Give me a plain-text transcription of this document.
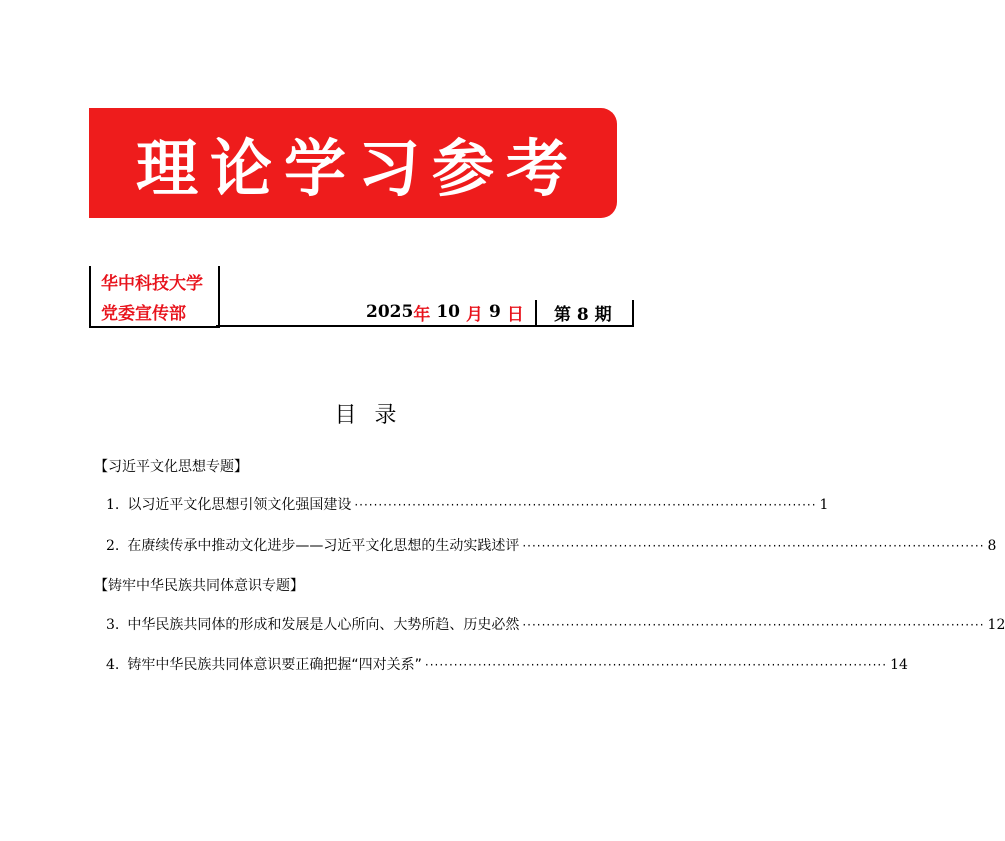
理论学习参考
华中科技大学
党委宣传部	2025 年 10 月 9 日 第 8 期
目录
【习近平文化思想专题】
1. 以习近平文化思想引领文化强国建设 ································································································ 1
2. 在赓续传承中推动文化进步——习近平文化思想的生动实践述评 ································································································ 8
【铸牢中华民族共同体意识专题】
3. 中华民族共同体的形成和发展是人心所向、大势所趋、历史必然 ································································································ 12
4. 铸牢中华民族共同体意识要正确把握“四对关系” ································································································ 14
